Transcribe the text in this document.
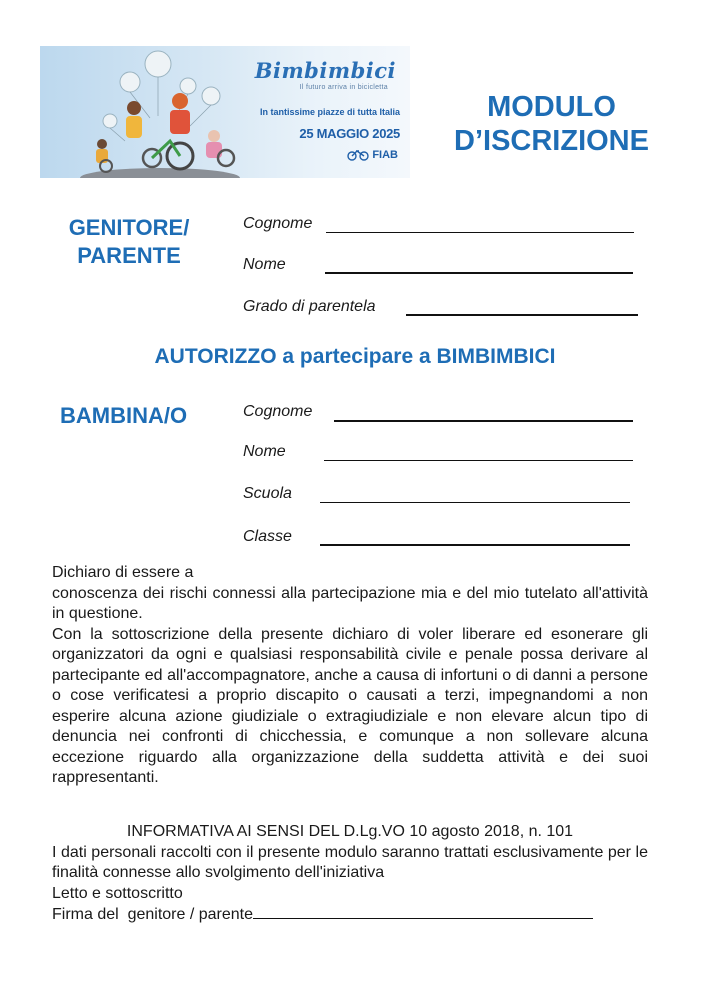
Bimbimbici
Il futuro arriva in bicicletta
In tantissime piazze di tutta Italia
25 MAGGIO 2025
FIAB
MODULO
D’ISCRIZIONE
GENITORE/
PARENTE
Cognome
Nome
Grado di parentela
AUTORIZZO a partecipare a BIMBIMBICI
BAMBINA/O	Cognome
Nome
Scuola
Classe

Dichiaro di essere a

conoscenza dei rischi connessi alla partecipazione mia e del mio tutelato all'attività in questione.

Con la sottoscrizione della presente dichiaro di voler liberare ed esonerare gli organizzatori da ogni e qualsiasi responsabilità civile e penale possa derivare al partecipante ed all'accompagnatore, anche a causa di infortuni o di danni a persone o cose verificatesi a proprio discapito o causati a terzi, impegnandomi a non esperire alcuna azione giudiziale o extragiudiziale e non elevare alcun tipo di denuncia nei confronti di chicchessia, e comunque a non sollevare alcuna eccezione riguardo alla organizzazione della suddetta attività e dei suoi rappresentanti.

INFORMATIVA AI SENSI DEL D.Lg.VO 10 agosto 2018, n. 101

I dati personali raccolti con il presente modulo saranno trattati esclusivamente per le finalità connesse allo svolgimento dell'iniziativa

Letto e sottoscritto

Firma del  genitore / parente
